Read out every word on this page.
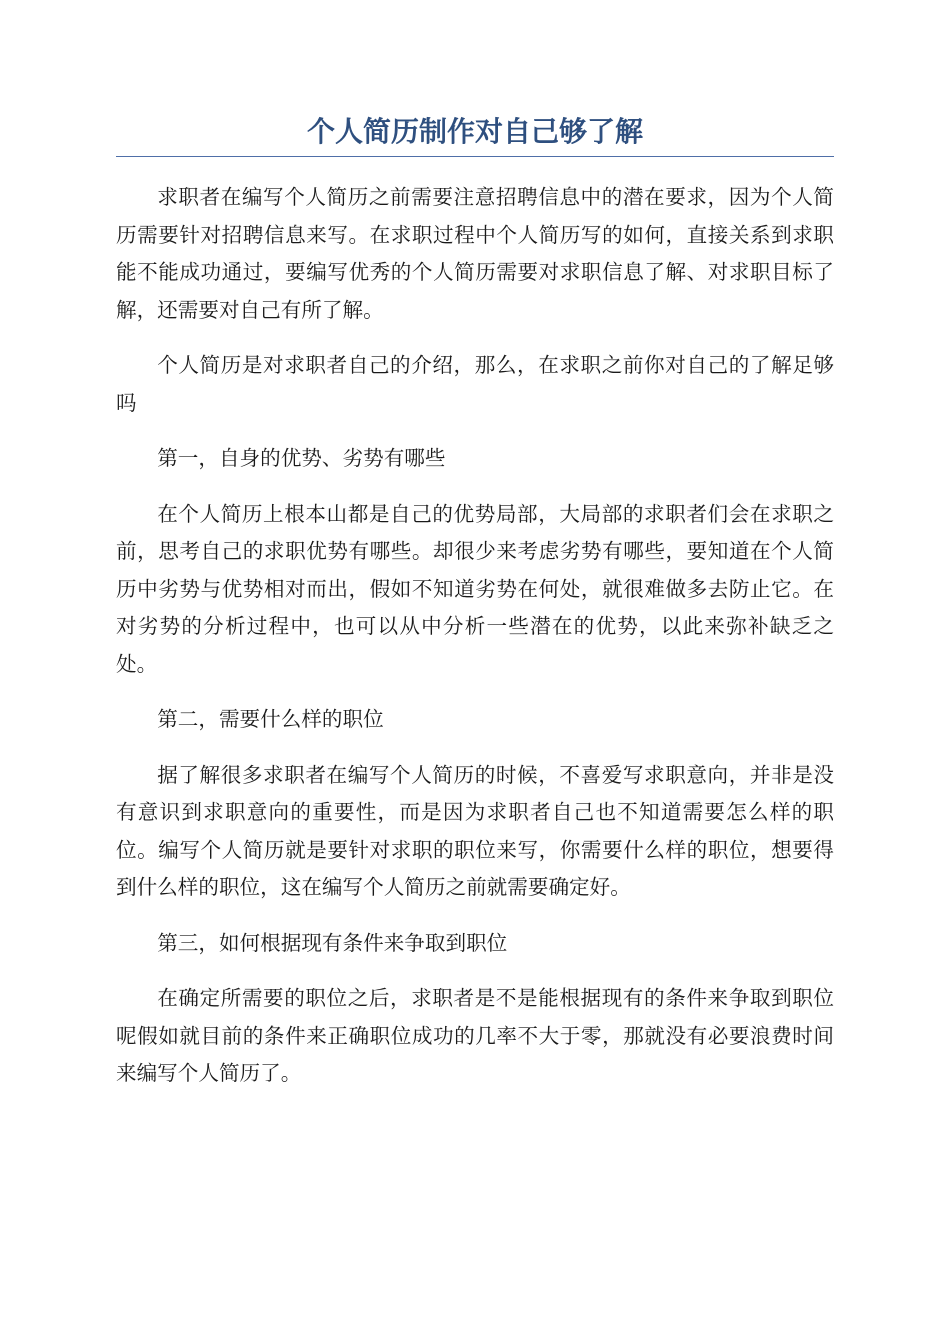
个人简历制作对自己够了解

求职者在编写个人简历之前需要注意招聘信息中的潜在要求，因为个人简历需要针对招聘信息来写。在求职过程中个人简历写的如何，直接关系到求职能不能成功通过，要编写优秀的个人简历需要对求职信息了解、对求职目标了解，还需要对自己有所了解。

个人简历是对求职者自己的介绍，那么，在求职之前你对自己的了解足够吗

第一，自身的优势、劣势有哪些

在个人简历上根本山都是自己的优势局部，大局部的求职者们会在求职之前，思考自己的求职优势有哪些。却很少来考虑劣势有哪些，要知道在个人简历中劣势与优势相对而出，假如不知道劣势在何处，就很难做多去防止它。在对劣势的分析过程中，也可以从中分析一些潜在的优势，以此来弥补缺乏之处。

第二，需要什么样的职位

据了解很多求职者在编写个人简历的时候，不喜爱写求职意向，并非是没有意识到求职意向的重要性，而是因为求职者自己也不知道需要怎么样的职位。编写个人简历就是要针对求职的职位来写，你需要什么样的职位，想要得到什么样的职位，这在编写个人简历之前就需要确定好。

第三，如何根据现有条件来争取到职位

在确定所需要的职位之后，求职者是不是能根据现有的条件来争取到职位呢假如就目前的条件来正确职位成功的几率不大于零，那就没有必要浪费时间来编写个人简历了。
